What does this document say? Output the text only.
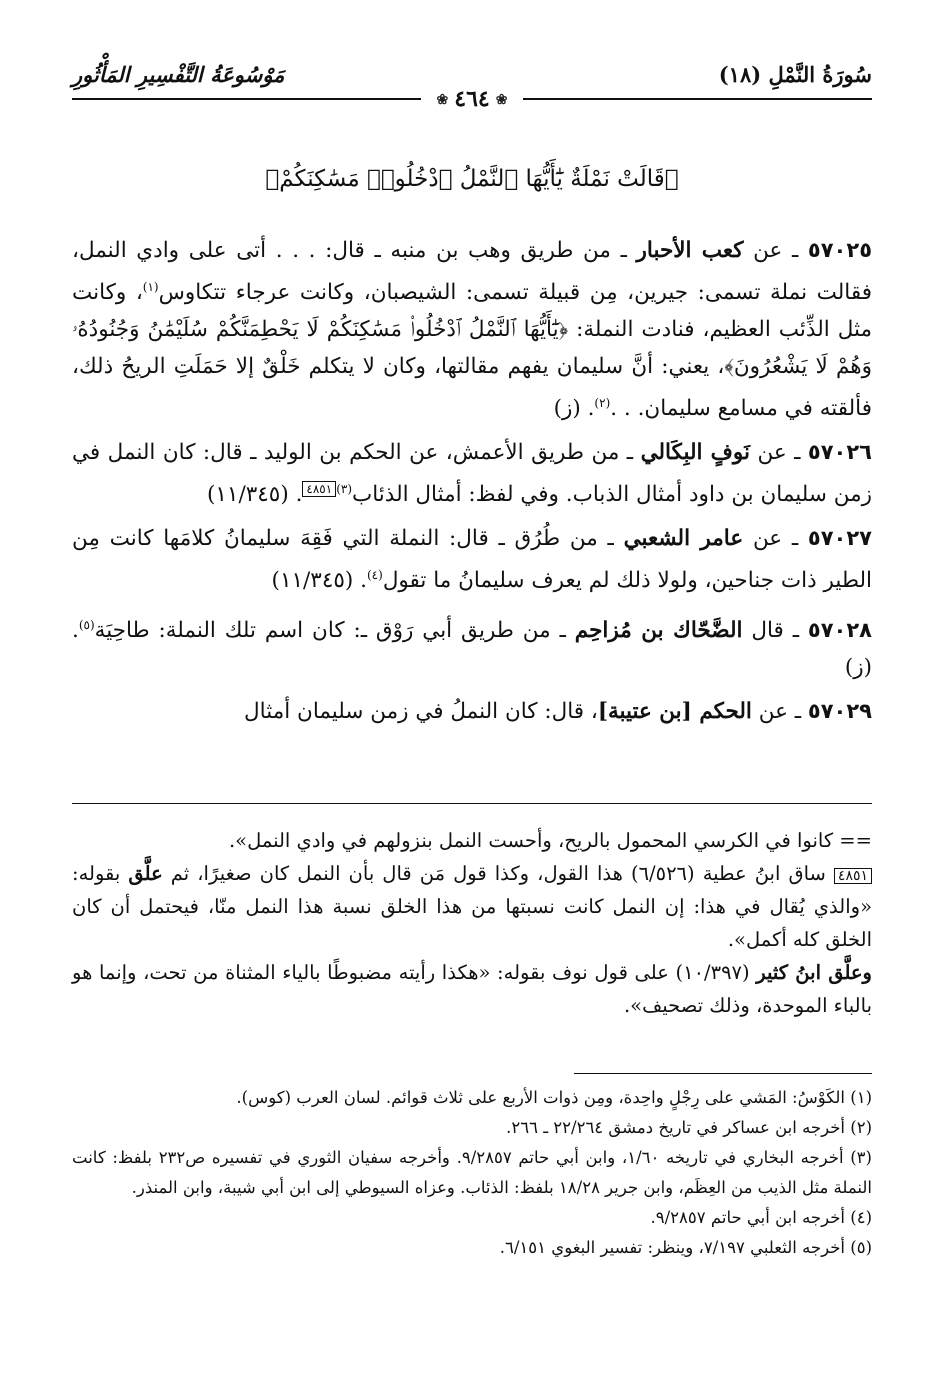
سُورَةُ النَّمْلِ (١٨)
مَوْسُوعَةُ التَّفْسِيرِ المَأْثُورِ
❀٤٦٤❀
﴿قَالَتْ نَمْلَةٌ يَٰٓأَيُّهَا ٱلنَّمْلُ ٱدْخُلُوا۟ مَسَٰكِنَكُمْ﴾

٥٧٠٢٥ ـ عن كعب الأحبار ـ من طريق وهب بن منبه ـ قال: . . . أتى على وادي النمل، فقالت نملة تسمى: جيرين، مِن قبيلة تسمى: الشيصبان، وكانت عرجاء تتكاوس$^{(١)}$، وكانت مثل الذِّئب العظيم، فنادت النملة: ﴿يَٰٓأَيُّهَا ٱلنَّمْلُ ٱدْخُلُوا۟ مَسَٰكِنَكُمْ لَا يَحْطِمَنَّكُمْ سُلَيْمَٰنُ وَجُنُودُهُۥ وَهُمْ لَا يَشْعُرُونَ﴾، يعني: أنَّ سليمان يفهم مقالتها، وكان لا يتكلم خَلْقٌ إلا حَمَلَتِ الريحُ ذلك، فألقته في مسامع سليمان. . .$^{(٢)}$. (ز)

٥٧٠٢٦ ـ عن نَوفٍ البِكَالي ـ من طريق الأعمش، عن الحكم بن الوليد ـ قال: كان النمل في زمن سليمان بن داود أمثال الذباب. وفي لفظ: أمثال الذئاب$^{(٣)}$٤٨٥١. (١١/٣٤٥)

٥٧٠٢٧ ـ عن عامر الشعبي ـ من طُرُق ـ قال: النملة التي فَقِهَ سليمانُ كلامَها كانت مِن الطير ذات جناحين، ولولا ذلك لم يعرف سليمانُ ما تقول$^{(٤)}$. (١١/٣٤٥)

٥٧٠٢٨ ـ قال الضَّحّاك بن مُزاحِم ـ من طريق أبي رَوْق ـ: كان اسم تلك النملة: طاحِيَة$^{(٥)}$. (ز)

٥٧٠٢٩ ـ عن الحكم [بن عتيبة]، قال: كان النملُ في زمن سليمان أمثال

== كانوا في الكرسي المحمول بالريح، وأحست النمل بنزولهم في وادي النمل».

٤٨٥١ ساق ابنُ عطية (٦/٥٢٦) هذا القول، وكذا قول مَن قال بأن النمل كان صغيرًا، ثم علَّق بقوله: «والذي يُقال في هذا: إن النمل كانت نسبتها من هذا الخلق نسبة هذا النمل منّا، فيحتمل أن كان الخلق كله أكمل».

وعلَّق ابنُ كثير (١٠/٣٩٧) على قول نوف بقوله: «هكذا رأيته مضبوطًا بالياء المثناة من تحت، وإنما هو بالباء الموحدة، وذلك تصحيف».

(١) الكَوْسُ: المَشي على رِجْلٍ واحِدة، ومِن ذوات الأربع على ثلاث قوائم. لسان العرب (كوس).

(٢) أخرجه ابن عساكر في تاريخ دمشق ٢٢/٢٦٤ ـ ٢٦٦.

(٣) أخرجه البخاري في تاريخه ١/٦٠، وابن أبي حاتم ٩/٢٨٥٧. وأخرجه سفيان الثوري في تفسيره ص٢٣٢ بلفظ: كانت النملة مثل الذيب من العِظَم، وابن جرير ١٨/٢٨ بلفظ: الذئاب. وعزاه السيوطي إلى ابن أبي شيبة، وابن المنذر.

(٤) أخرجه ابن أبي حاتم ٩/٢٨٥٧.

(٥) أخرجه الثعلبي ٧/١٩٧، وينظر: تفسير البغوي ٦/١٥١.
